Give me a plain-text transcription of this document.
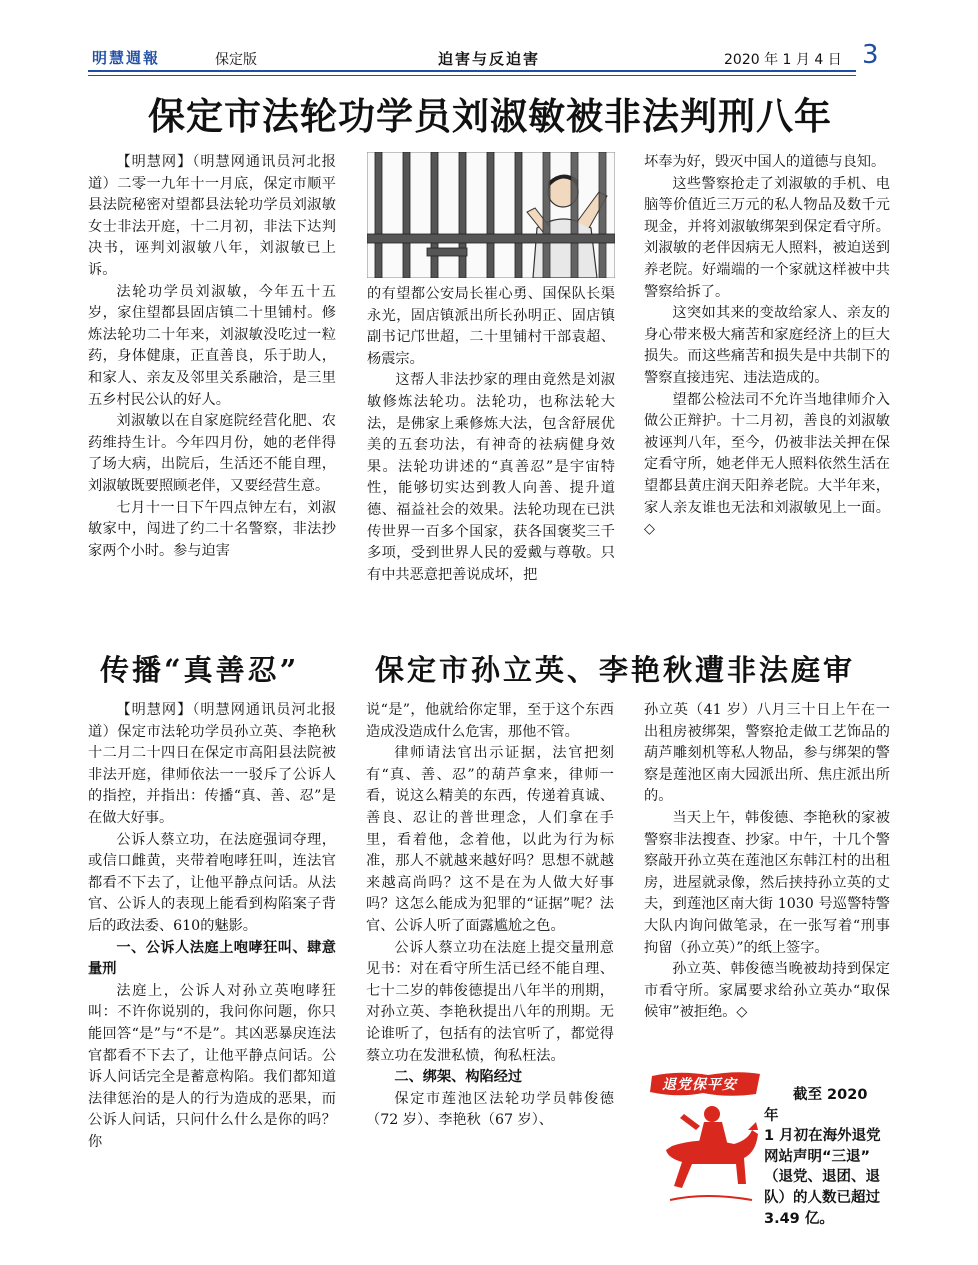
明慧週報	保定版	迫害与反迫害	2020 年 1 月 4 日 3
保定市法轮功学员刘淑敏被非法判刑八年

【明慧网】（明慧网通讯员河北报道）二零一九年十一月底，保定市顺平县法院秘密对望都县法轮功学员刘淑敏女士非法开庭，十二月初，非法下达判决书，诬判刘淑敏八年，刘淑敏已上诉。

法轮功学员刘淑敏，今年五十五岁，家住望都县固店镇二十里铺村。修炼法轮功二十年来，刘淑敏没吃过一粒药，身体健康，正直善良，乐于助人，和家人、亲友及邻里关系融洽，是三里五乡村民公认的好人。

刘淑敏以在自家庭院经营化肥、农药维持生计。今年四月份，她的老伴得了场大病，出院后，生活还不能自理，刘淑敏既要照顾老伴，又要经营生意。

七月十一日下午四点钟左右，刘淑敏家中，闯进了约二十名警察，非法抄家两个小时。参与迫害

的有望都公安局长崔心勇、国保队长渠永光，固店镇派出所长孙明正、固店镇副书记邝世超，二十里铺村干部袁超、杨震宗。

这帮人非法抄家的理由竟然是刘淑敏修炼法轮功。法轮功，也称法轮大法，是佛家上乘修炼大法，包含舒展优美的五套功法，有神奇的祛病健身效果。法轮功讲述的“真善忍”是宇宙特性，能够切实达到教人向善、提升道德、福益社会的效果。法轮功现在已洪传世界一百多个国家，获各国褒奖三千多项，受到世界人民的爱戴与尊敬。只有中共恶意把善说成坏，把

坏奉为好，毁灭中国人的道德与良知。

这些警察抢走了刘淑敏的手机、电脑等价值近三万元的私人物品及数千元现金，并将刘淑敏绑架到保定看守所。刘淑敏的老伴因病无人照料，被迫送到养老院。好端端的一个家就这样被中共警察给拆了。

这突如其来的变故给家人、亲友的身心带来极大痛苦和家庭经济上的巨大损失。而这些痛苦和损失是中共制下的警察直接违宪、违法造成的。

望都公检法司不允许当地律师介入做公正辩护。十二月初，善良的刘淑敏被诬判八年，至今，仍被非法关押在保定看守所，她老伴无人照料依然生活在望都县黄庄润天阳养老院。大半年来，家人亲友谁也无法和刘淑敏见上一面。◇

传播“真善忍”	保定市孙立英、李艳秋遭非法庭审

【明慧网】（明慧网通讯员河北报道）保定市法轮功学员孙立英、李艳秋十二月二十四日在保定市高阳县法院被非法开庭，律师依法一一驳斥了公诉人的指控，并指出：传播“真、善、忍”是在做大好事。

公诉人蔡立功，在法庭强词夺理，或信口雌黄，夹带着咆哮狂叫，连法官都看不下去了，让他平静点问话。从法官、公诉人的表现上能看到构陷案子背后的政法委、610的魅影。

一、公诉人法庭上咆哮狂叫、肆意量刑

法庭上，公诉人对孙立英咆哮狂叫：不许你说别的，我问你问题，你只能回答“是”与“不是”。其凶恶暴戾连法官都看不下去了，让他平静点问话。公诉人问话完全是蓄意构陷。我们都知道法律惩治的是人的行为造成的恶果，而公诉人问话，只问什么什么是你的吗？你

说“是”，他就给你定罪，至于这个东西造成没造成什么危害，那他不管。

律师请法官出示证据，法官把刻有“真、善、忍”的葫芦拿来，律师一看，说这么精美的东西，传递着真诚、善良、忍让的普世理念，人们拿在手里，看着他，念着他，以此为行为标准，那人不就越来越好吗？思想不就越来越高尚吗？这不是在为人做大好事吗？这怎么能成为犯罪的“证据”呢？法官、公诉人听了面露尴尬之色。

公诉人蔡立功在法庭上提交量刑意见书：对在看守所生活已经不能自理、七十二岁的韩俊德提出八年半的刑期，对孙立英、李艳秋提出八年的刑期。无论谁听了，包括有的法官听了，都觉得蔡立功在发泄私愤，徇私枉法。

二、绑架、构陷经过

保定市莲池区法轮功学员韩俊德（72 岁）、李艳秋（67 岁）、

孙立英（41 岁）八月三十日上午在一出租房被绑架，警察抢走做工艺饰品的葫芦雕刻机等私人物品，参与绑架的警察是莲池区南大园派出所、焦庄派出所的。

当天上午，韩俊德、李艳秋的家被警察非法搜查、抄家。中午，十几个警察敲开孙立英在莲池区东韩江村的出租房，进屋就录像，然后挟持孙立英的丈夫，到莲池区南大街 1030 号巡警特警大队内询问做笔录，在一张写着“刑事拘留（孙立英）”的纸上签字。

孙立英、韩俊德当晚被劫持到保定市看守所。家属要求给孙立英办“取保候审”被拒绝。◇

退党保平安

截至 2020 年

1 月初在海外退党

网站声明“三退”

（退党、退团、退

队）的人数已超过

3.49 亿。
